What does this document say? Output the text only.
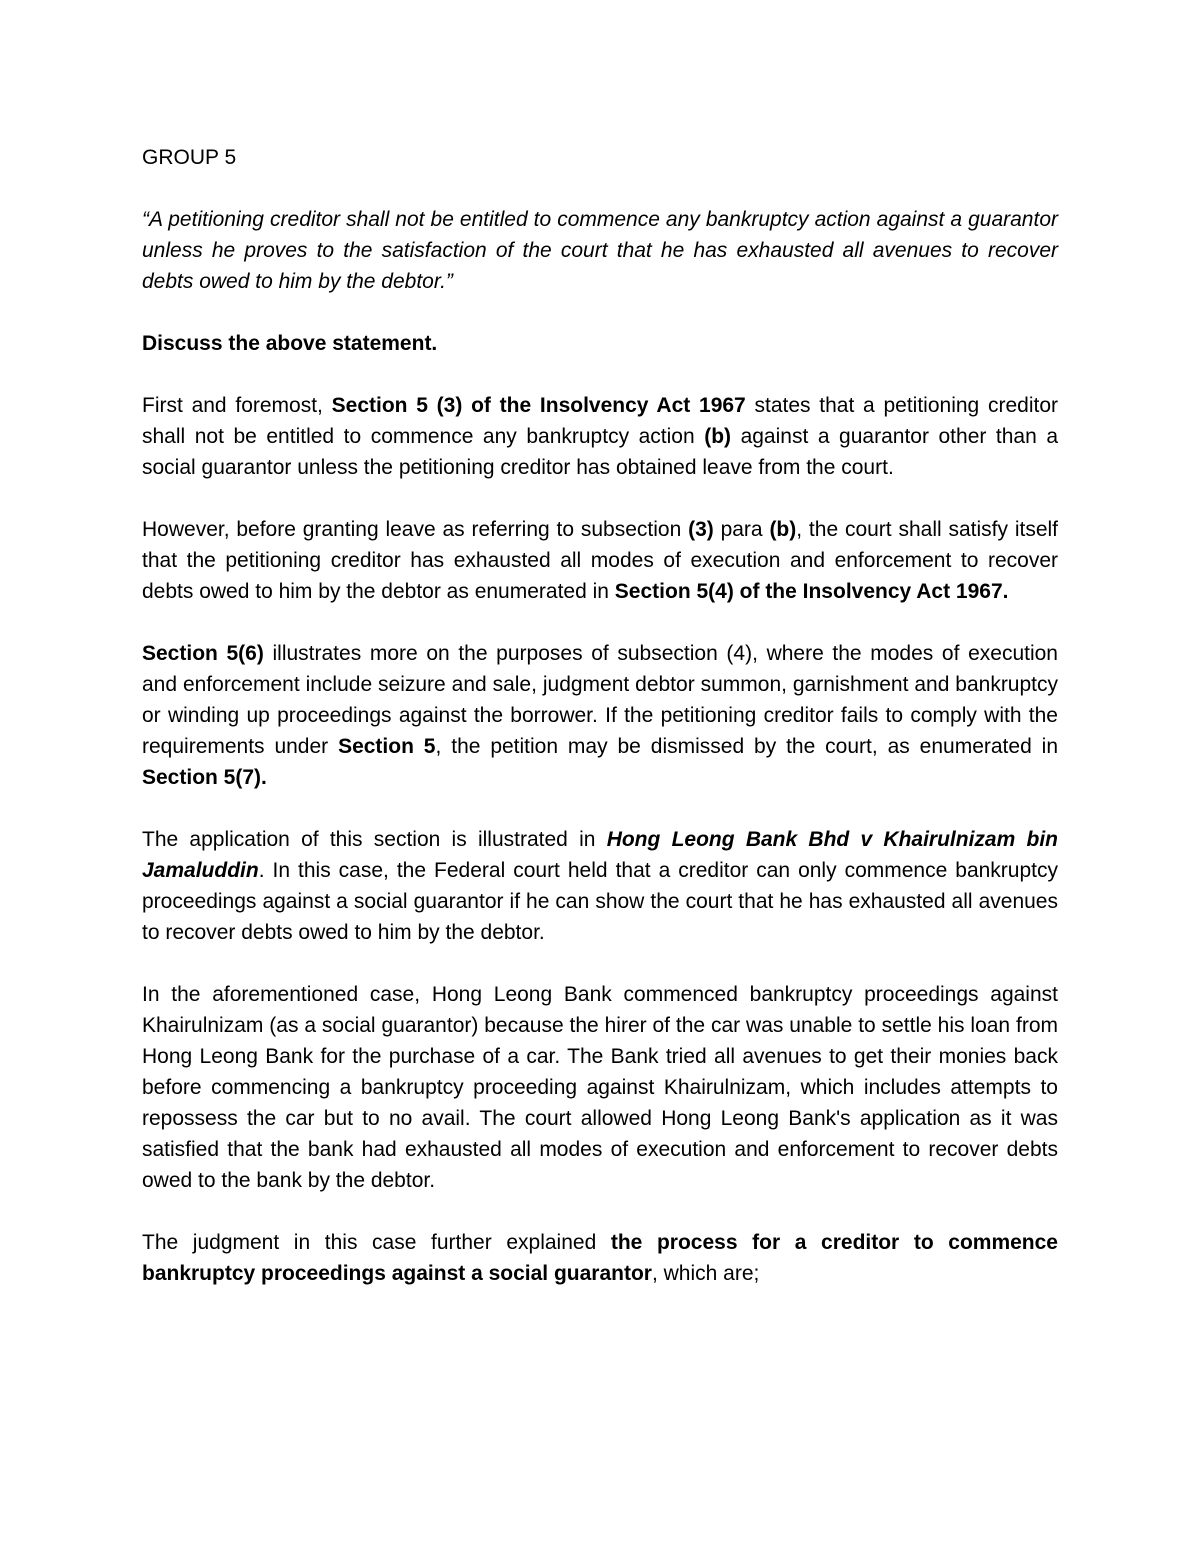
GROUP 5

“A petitioning creditor shall not be entitled to commence any bankruptcy action against a guarantor unless he proves to the satisfaction of the court that he has exhausted all avenues to recover debts owed to him by the debtor.”

Discuss the above statement.

First and foremost, Section 5 (3) of the Insolvency Act 1967 states that a petitioning creditor shall not be entitled to commence any bankruptcy action (b) against a guarantor other than a social guarantor unless the petitioning creditor has obtained leave from the court.

However, before granting leave as referring to subsection (3) para (b), the court shall satisfy itself that the petitioning creditor has exhausted all modes of execution and enforcement to recover debts owed to him by the debtor as enumerated in Section 5(4) of the Insolvency Act 1967.

Section 5(6) illustrates more on the purposes of subsection (4), where the modes of execution and enforcement include seizure and sale, judgment debtor summon, garnishment and bankruptcy or winding up proceedings against the borrower. If the petitioning creditor fails to comply with the requirements under Section 5, the petition may be dismissed by the court, as enumerated in Section 5(7).

The application of this section is illustrated in Hong Leong Bank Bhd v Khairulnizam bin Jamaluddin. In this case, the Federal court held that a creditor can only commence bankruptcy proceedings against a social guarantor if he can show the court that he has exhausted all avenues to recover debts owed to him by the debtor.

In the aforementioned case, Hong Leong Bank commenced bankruptcy proceedings against Khairulnizam (as a social guarantor) because the hirer of the car was unable to settle his loan from Hong Leong Bank for the purchase of a car. The Bank tried all avenues to get their monies back before commencing a bankruptcy proceeding against Khairulnizam, which includes attempts to repossess the car but to no avail. The court allowed Hong Leong Bank's application as it was satisfied that the bank had exhausted all modes of execution and enforcement to recover debts owed to the bank by the debtor.

The judgment in this case further explained the process for a creditor to commence bankruptcy proceedings against a social guarantor, which are;
